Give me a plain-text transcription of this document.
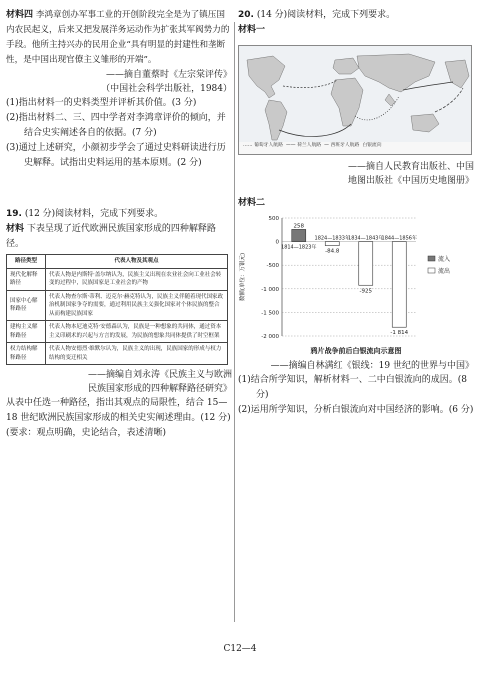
材料四 李鸿章创办军事工业的开创阶段完全是为了镇压国内农民起义，后来又把发展洋务运动作为扩张其军阀势力的手段。他所主持兴办的民用企业“具有明显的封建性和垄断性，是中国出现官僚主义雏形的开端”。

——摘自董蔡时《左宗棠评传》

（中国社会科学出版社，1984）

(1)指出材料一的史料类型并评析其价值。(3 分)

(2)指出材料二、三、四中学者对李鸿章评价的倾向，并结合史实阐述各自的依据。(7 分)

(3)通过上述研究，小颜初步学会了通过史料研读进行历史解释。试指出史料运用的基本原则。(2 分)

19. (12 分)阅读材料，完成下列要求。

材料 下表呈现了近代欧洲民族国家形成的四种解释路径。

路径类型	代表人物及其观点
现代化解释路径	代表人物是内斯特·盖尔纳认为，民族主义出现在农业社会向工业社会转变的过程中，民族国家是工业社会的产物
国家中心解释路径	代表人物查尔斯·蒂利、迈克尔·赫克特认为，民族主义伴随着现代国家政治机制国家争夺的需要，通过利用民族主义强化国家对个体民族的整合从而构建民族国家
建构主义解释路径	代表人物本尼迪克特·安德森认为，民族是一种想象的共同体，通过资本主义印刷术的兴起与方言的发展，为民族的想象共同体提供了时空框架
权力结构解释路径	代表人物安德烈·维默尔认为，民族主义的出现，民族国家的形成与权力结构的变迁相关

——摘编自刘永涛《民族主义与欧洲

民族国家形成的四种解释路径研究》

从表中任选一种路径，指出其观点的局限性，结合 15—18 世纪欧洲民族国家形成的相关史实阐述理由。(12 分)(要求：观点明确，史论结合，表述清晰)

20. (14 分)阅读材料，完成下列要求。

材料一

…… 葡萄牙人航路 —— 荷兰人航路 — 西班牙人航路 白银流向

——摘自人民教育出版社、中国

地图出版社《中国历史地图册》

材料二

数额(单位：万银元)
500
0
-500
-1 000
-1 500
-2 000
1814—1823年
258
1824—1833年
-84.8
1834—1843年
-925
1844—1856年
-1 814
流入
流出

鸦片战争前后白银流向示意图

——摘编自林满红《银线：19 世纪的世界与中国》

(1)结合所学知识，解析材料一、二中白银流向的成因。(8 分)

(2)运用所学知识，分析白银流向对中国经济的影响。(6 分)

C12—4
